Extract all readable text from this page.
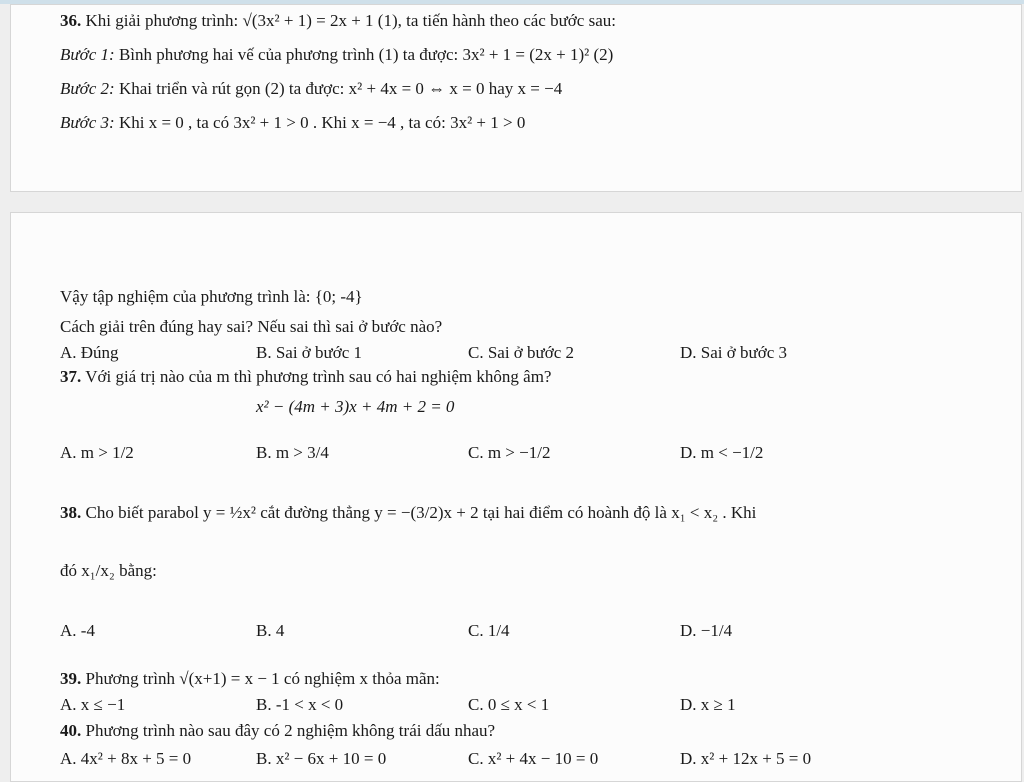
36. Khi giải phương trình: √(3x² + 1) = 2x + 1 (1), ta tiến hành theo các bước sau:
Bước 1: Bình phương hai vế của phương trình (1) ta được: 3x² + 1 = (2x + 1)² (2)
Bước 2: Khai triển và rút gọn (2) ta được: x² + 4x = 0 ⇔ x = 0 hay x = −4
Bước 3: Khi x = 0 , ta có 3x² + 1 > 0 . Khi x = −4 , ta có: 3x² + 1 > 0
Vậy tập nghiệm của phương trình là: {0; -4}
Cách giải trên đúng hay sai? Nếu sai thì sai ở bước nào?
A. Đúng	B. Sai ở bước 1	C. Sai ở bước 2	D. Sai ở bước 3
37. Với giá trị nào của m thì phương trình sau có hai nghiệm không âm?
x² − (4m + 3)x + 4m + 2 = 0
A. m > 1/2	B. m > 3/4	C. m > −1/2	D. m < −1/2
38. Cho biết parabol y = ½x² cắt đường thẳng y = −(3/2)x + 2 tại hai điểm có hoành độ là x₁ < x₂ . Khi
đó x₁/x₂ bằng:
A. -4	B. 4	C. 1/4	D. −1/4
39. Phương trình √(x+1) = x − 1 có nghiệm x thỏa mãn:
A. x ≤ −1	B. -1 < x < 0	C. 0 ≤ x < 1	D. x ≥ 1
40. Phương trình nào sau đây có 2 nghiệm không trái dấu nhau?
A. 4x² + 8x + 5 = 0	B. x² − 6x + 10 = 0	C. x² + 4x − 10 = 0	D. x² + 12x + 5 = 0
